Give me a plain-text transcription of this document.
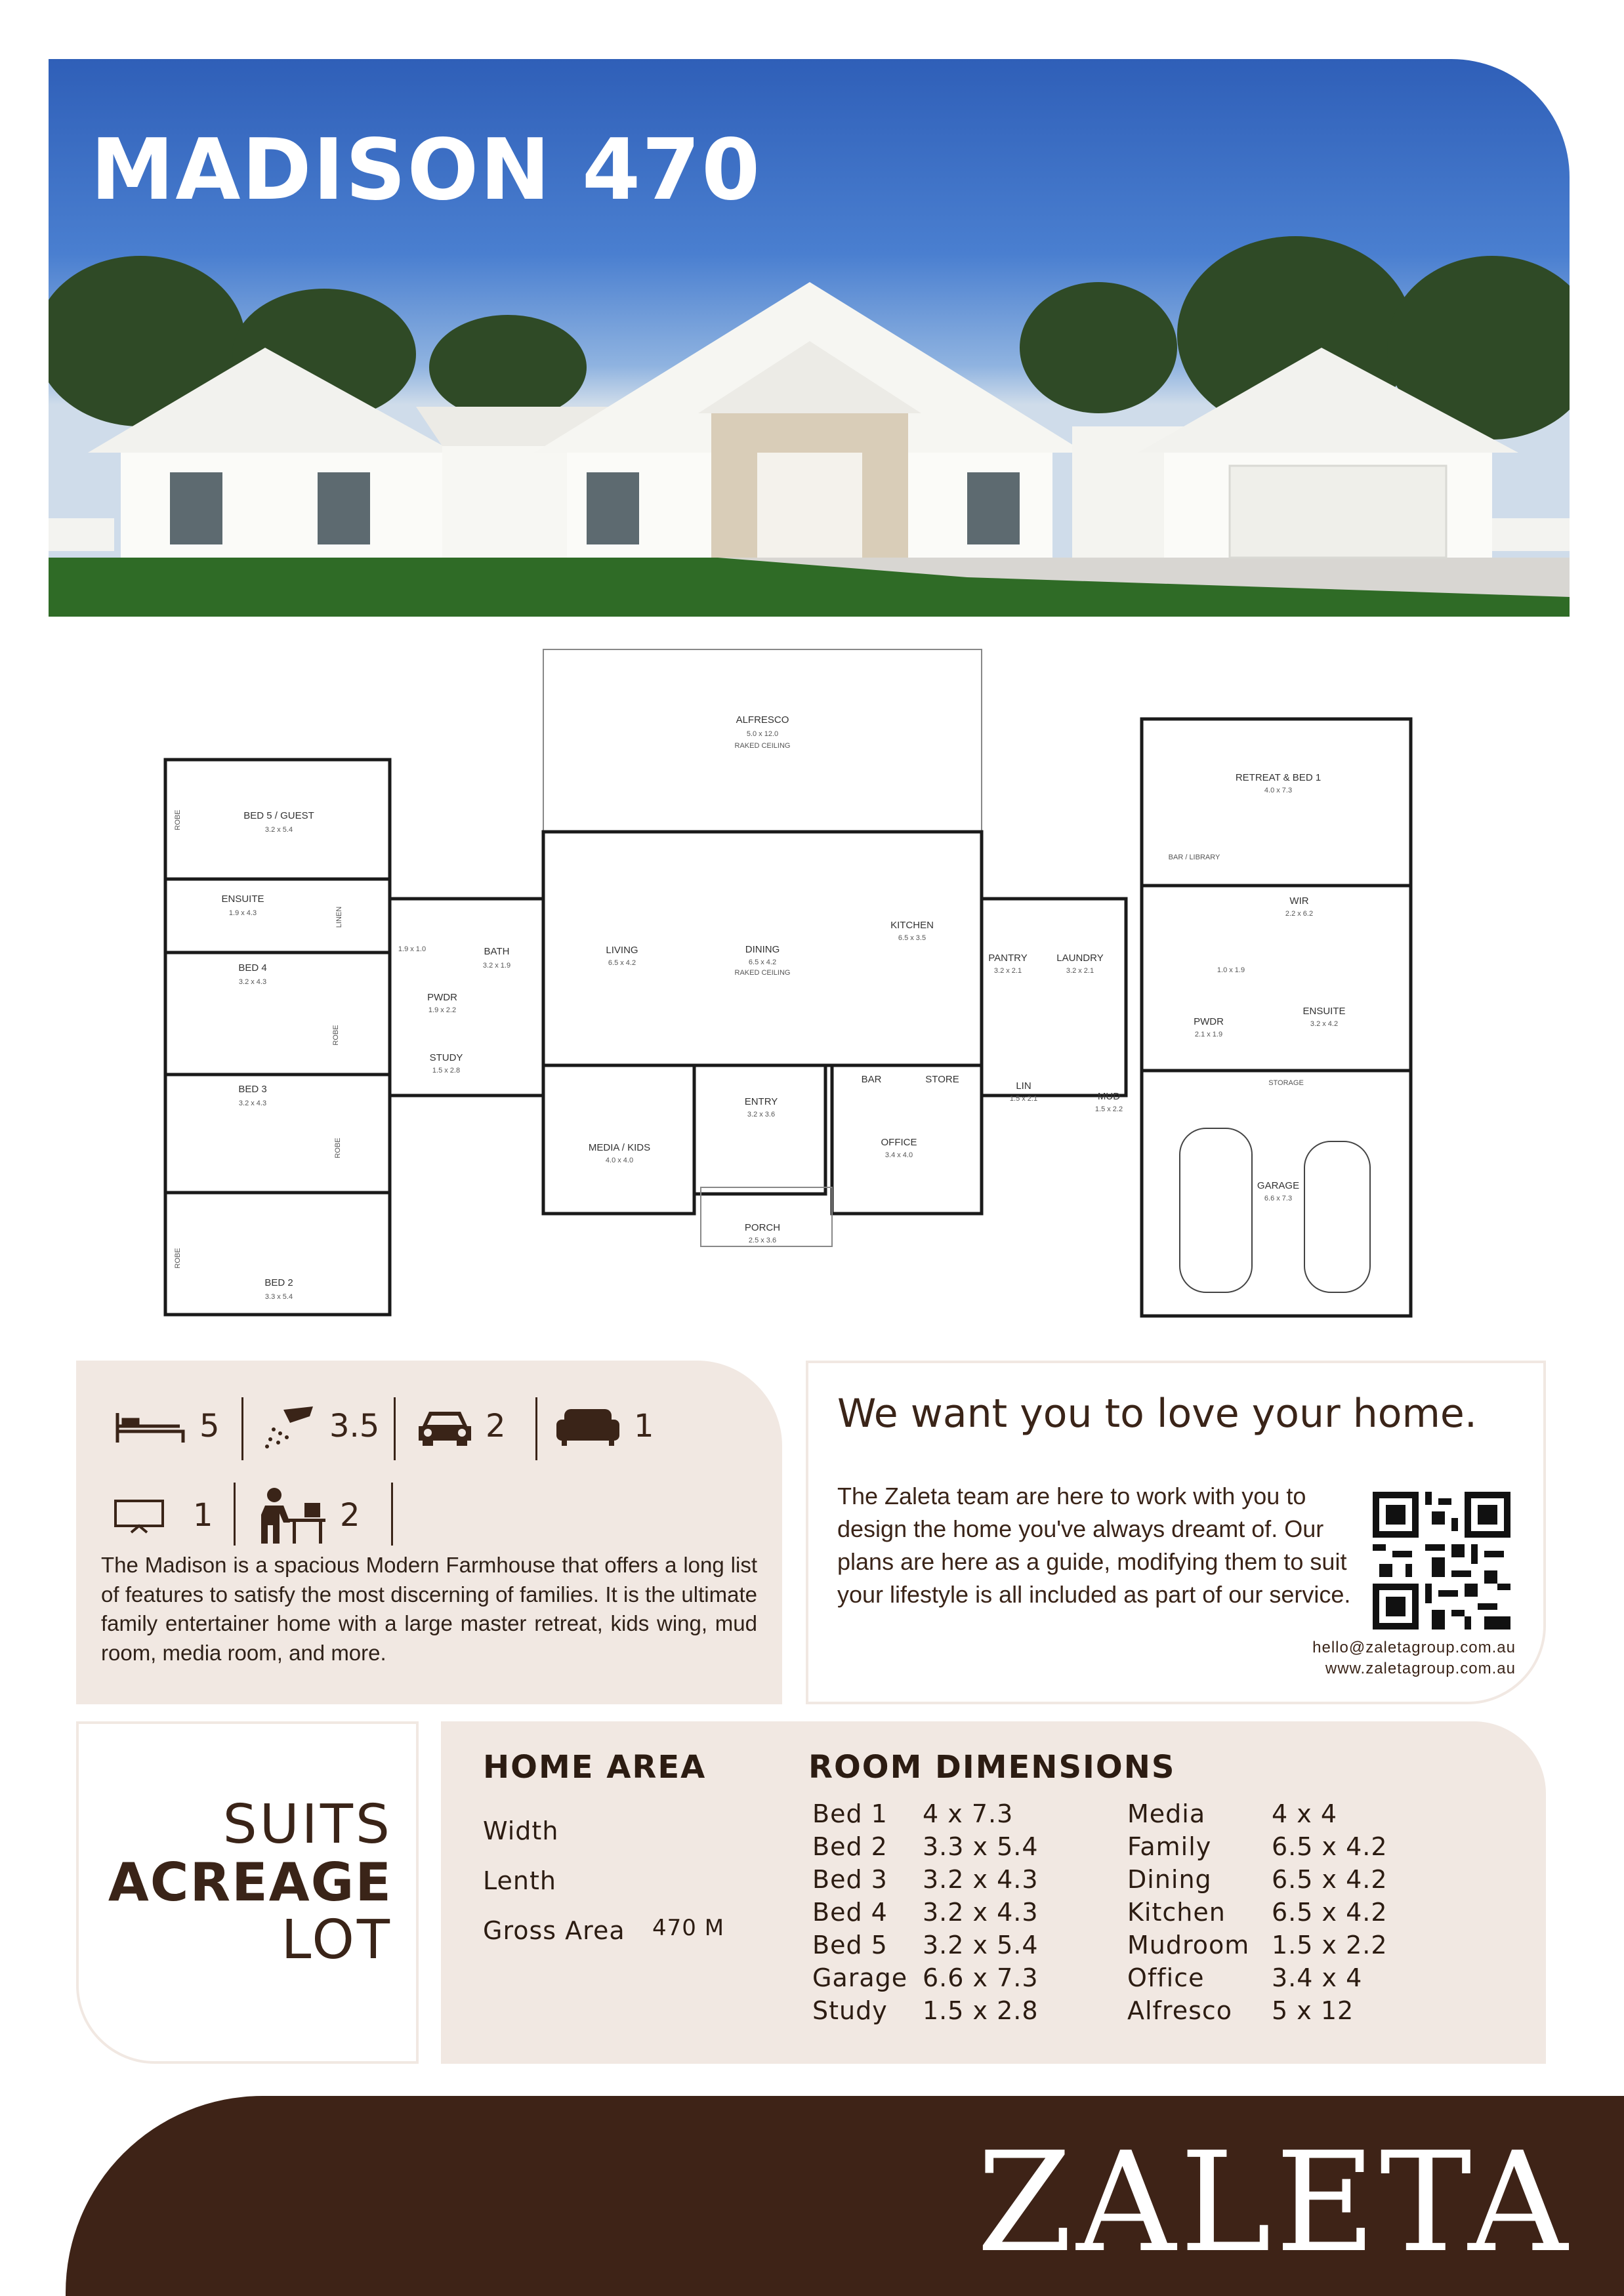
MADISON 470
ALFRESCO
5.0 x 12.0
RAKED CEILING
BED 5 / GUEST
3.2 x 5.4
ENSUITE
1.9 x 4.3
BED 4
3.2 x 4.3
BED 3
3.2 x 4.3
BED 2
3.3 x 5.4
BATH
3.2 x 1.9
PWDR
1.9 x 2.2
STUDY
1.5 x 2.8
LIVING
6.5 x 4.2
DINING
6.5 x 4.2
RAKED CEILING
KITCHEN
6.5 x 3.5
PANTRY
3.2 x 2.1
LAUNDRY
3.2 x 2.1
MEDIA / KIDS
4.0 x 4.0
ENTRY
3.2 x 3.6
BAR	STORE
OFFICE
3.4 x 4.0
PORCH
2.5 x 3.6
LIN
1.5 x 2.1	MUD
1.5 x 2.2
RETREAT & BED 1
4.0 x 7.3
BAR / LIBRARY
WIR
2.2 x 6.2
PWDR
2.1 x 1.9
ENSUITE
3.2 x 4.2
STORAGE
GARAGE
6.6 x 7.3
ROBE
LINEN
ROBE
ROBE
ROBE
1.9 x 1.0
1.0 x 1.9
5	3.5	2	1
1	2
The Madison is a spacious Modern Farmhouse that offers a long list of features to satisfy the most discerning of families. It is the ultimate family entertainer home with a large master retreat, kids wing, mud room, media room, and more.
We want you to love your home.
The Zaleta team are here to work with you to design the home you've always dreamt of. Our plans are here as a guide, modifying them to suit your lifestyle is all included as part of our service.
hello@zaletagroup.com.au
www.zaletagroup.com.au
SUITS
ACREAGE
LOT
HOME AREA
Width
Lenth
Gross Area 470 M
ROOM DIMENSIONS
Bed 1	4 x 7.3
Bed 2	3.3 x 5.4
Bed 3	3.2 x 4.3
Bed 4	3.2 x 4.3
Bed 5	3.2 x 5.4
Garage 6.6 x 7.3
Study	1.5 x 2.8
Media	4 x 4
Family	6.5 x 4.2
Dining	6.5 x 4.2
Kitchen	6.5 x 4.2
Mudroom 1.5 x 2.2
Office	3.4 x 4
Alfresco	5 x 12
ZALETA
